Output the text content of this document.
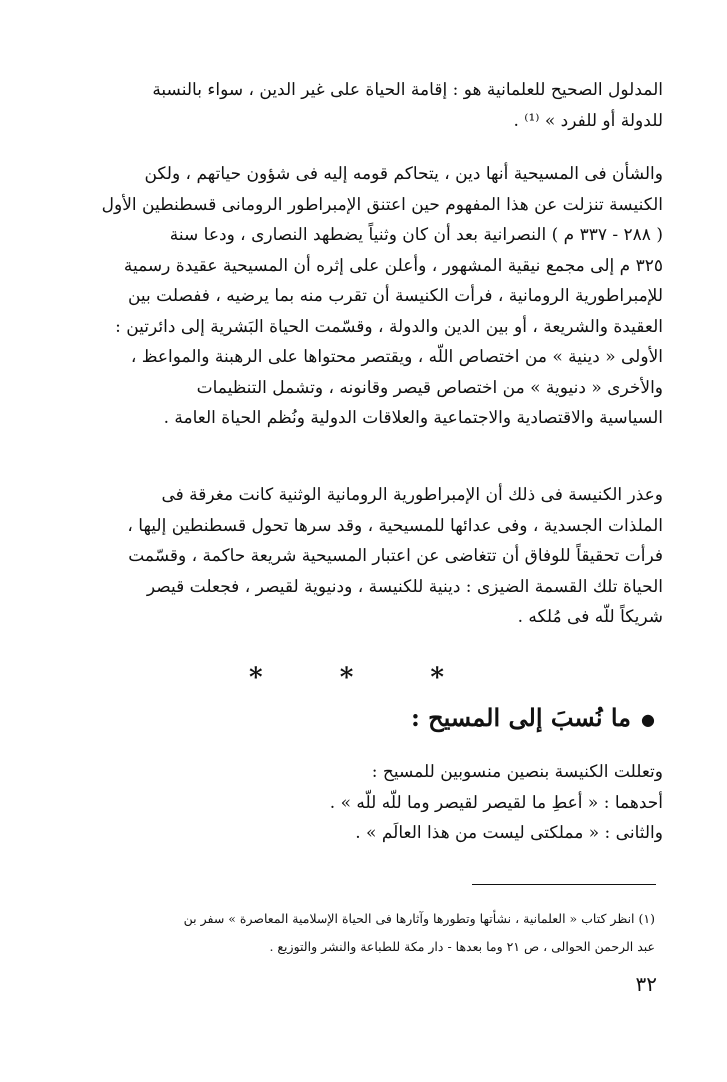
المدلول الصحيح للعلمانية هو : إقامة الحياة على غير الدين ، سواء بالنسبة
للدولة أو للفرد » ⁽¹⁾ .
والشأن فى المسيحية أنها دين ، يتحاكم قومه إليه فى شؤون حياتهم ، ولكن
الكنيسة تنزلت عن هذا المفهوم حين اعتنق الإمبراطور الرومانى قسطنطين الأول
( ٢٨٨ - ٣٣٧ م ) النصرانية بعد أن كان وثنياً يضطهد النصارى ، ودعا سنة
٣٢٥ م إلى مجمع نيقية المشهور ، وأعلن على إثره أن المسيحية عقيدة رسمية
للإمبراطورية الرومانية ، فرأت الكنيسة أن تقرب منه بما يرضيه ، ففصلت بين
العقيدة والشريعة ، أو بين الدين والدولة ، وقسّمت الحياة البَشرية إلى دائرتين :
الأولى « دينية » من اختصاص اللّه ، ويقتصر محتواها على الرهبنة والمواعظ ،
والأخرى « دنيوية » من اختصاص قيصر وقانونه ، وتشمل التنظيمات
السياسية والاقتصادية والاجتماعية والعلاقات الدولية ونُظم الحياة العامة .
وعذر الكنيسة فى ذلك أن الإمبراطورية الرومانية الوثنية كانت مغرقة فى
الملذات الجسدية ، وفى عدائها للمسيحية ، وقد سرها تحول قسطنطين إليها ،
فرأت تحقيقاً للوفاق أن تتغاضى عن اعتبار المسيحية شريعة حاكمة ، وقسّمت
الحياة تلك القسمة الضيزى : دينية للكنيسة ، ودنيوية لقيصر ، فجعلت قيصر
شريكاً للّه فى مُلكه .
* * *
●ما نُسبَ إلى المسيح :
وتعللت الكنيسة بنصين منسوبين للمسيح :
أحدهما : « أعطِ ما لقيصر لقيصر وما للّه للّه » .
والثانى : « مملكتى ليست من هذا العالَم » .
(١) انظر كتاب « العلمانية ، نشأتها وتطورها وآثارها فى الحياة الإسلامية المعاصرة » سفر بن
عبد الرحمن الحوالى ، ص ٢١ وما بعدها - دار مكة للطباعة والنشر والتوزيع .
٣٢
